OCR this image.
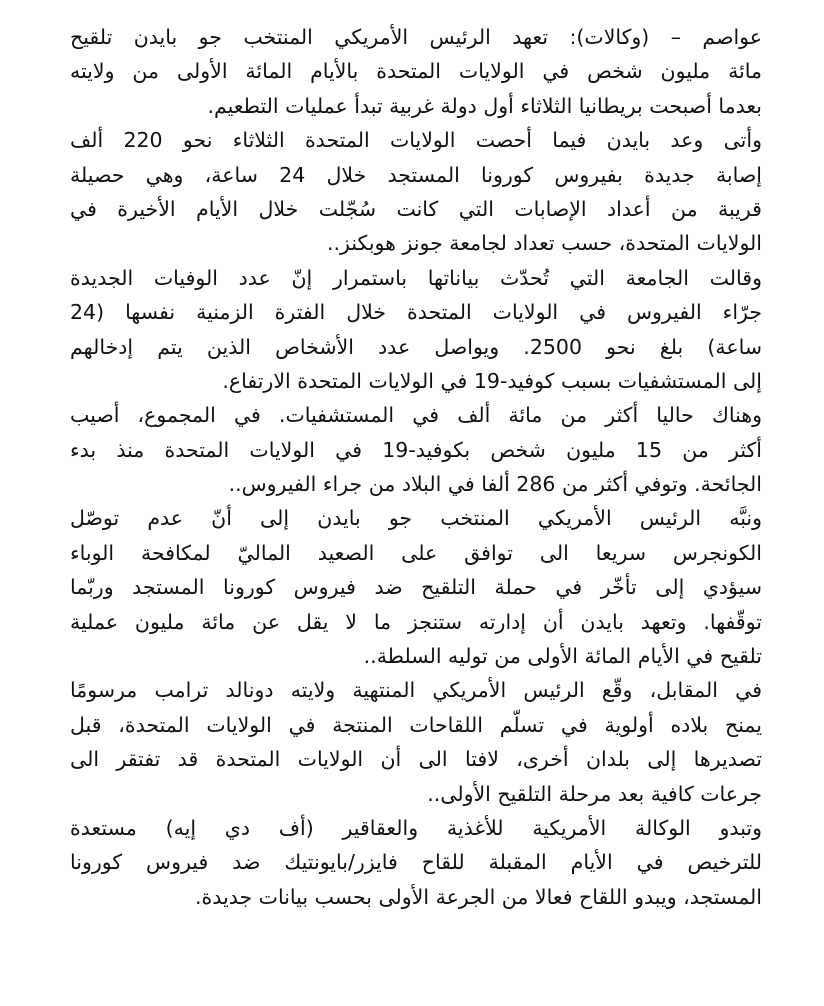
عواصم – (وكالات): تعهد الرئيس الأمريكي المنتخب جو بايدن تلقيح
مائة مليون شخص في الولايات المتحدة بالأيام المائة الأولى من ولايته
بعدما أصبحت بريطانيا الثلاثاء أول دولة غربية تبدأ عمليات التطعيم.
وأتى وعد بايدن فيما أحصت الولايات المتحدة الثلاثاء نحو 220 ألف
إصابة جديدة بفيروس كورونا المستجد خلال 24 ساعة، وهي حصيلة
قريبة من أعداد الإصابات التي كانت سُجّلت خلال الأيام الأخيرة في
الولايات المتحدة، حسب تعداد لجامعة جونز هوبكنز..
وقالت الجامعة التي تُحدّث بياناتها باستمرار إنّ عدد الوفيات الجديدة
جرّاء الفيروس في الولايات المتحدة خلال الفترة الزمنية نفسها (24
ساعة) بلغ نحو 2500. ويواصل عدد الأشخاص الذين يتم إدخالهم
إلى المستشفيات بسبب كوفيد-19 في الولايات المتحدة الارتفاع.
وهناك حاليا أكثر من مائة ألف في المستشفيات. في المجموع، أصيب
أكثر من 15 مليون شخص بكوفيد-19 في الولايات المتحدة منذ بدء
الجائحة. وتوفي أكثر من 286 ألفا في البلاد من جراء الفيروس..
ونبَّه الرئيس الأمريكي المنتخب جو بايدن إلى أنّ عدم توصّل
الكونجرس سريعا الى توافق على الصعيد الماليّ لمكافحة الوباء
سيؤدي إلى تأخّر في حملة التلقيح ضد فيروس كورونا المستجد وربّما
توقّفها. وتعهد بايدن أن إدارته ستنجز ما لا يقل عن مائة مليون عملية
تلقيح في الأيام المائة الأولى من توليه السلطة..
في المقابل، وقّع الرئيس الأمريكي المنتهية ولايته دونالد ترامب مرسومًا
يمنح بلاده أولوية في تسلّم اللقاحات المنتجة في الولايات المتحدة، قبل
تصديرها إلى بلدان أخرى، لافتا الى أن الولايات المتحدة قد تفتقر الى
جرعات كافية بعد مرحلة التلقيح الأولى..
وتبدو الوكالة الأمريكية للأغذية والعقاقير (أف دي إيه) مستعدة
للترخيص في الأيام المقبلة للقاح فايزر/بايونتيك ضد فيروس كورونا
المستجد، ويبدو اللقاح فعالا من الجرعة الأولى بحسب بيانات جديدة.
